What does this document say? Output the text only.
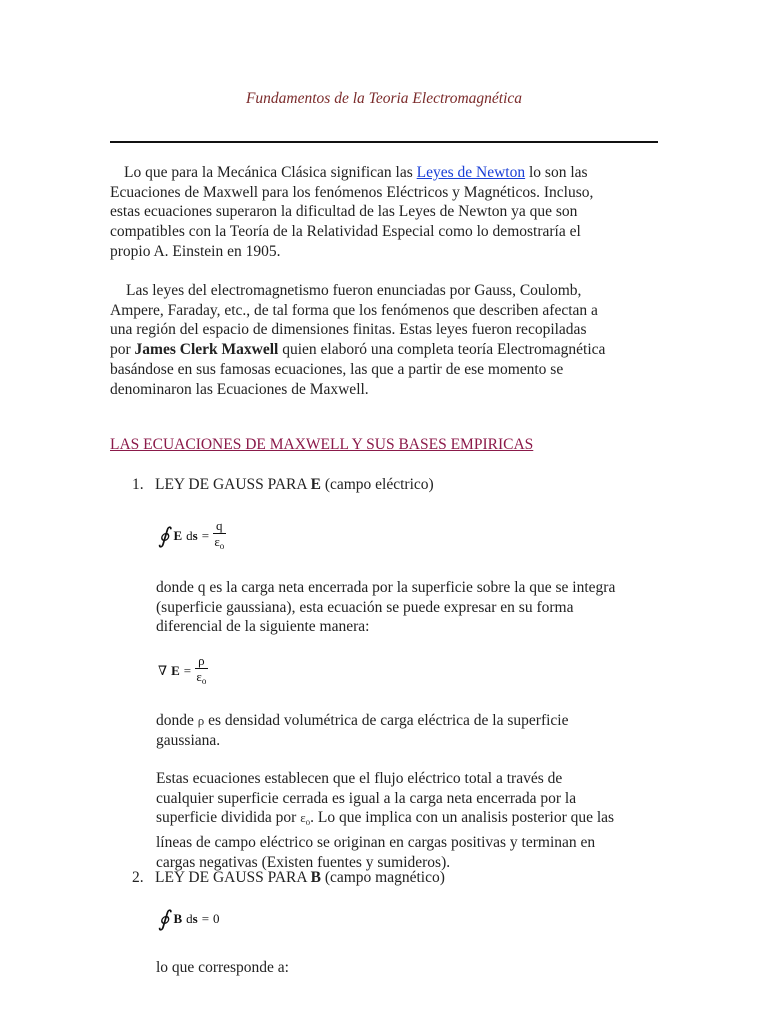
Fundamentos de la Teoria Electromagnética

Lo que para la Mecánica Clásica significan las Leyes de Newton lo son las
Ecuaciones de Maxwell para los fenómenos Eléctricos y Magnéticos. Incluso,
estas ecuaciones superaron la dificultad de las Leyes de Newton ya que son
compatibles con la Teoría de la Relatividad Especial como lo demostraría el
propio A. Einstein en 1905.

Las leyes del electromagnetismo fueron enunciadas por Gauss, Coulomb,
Ampere, Faraday, etc., de tal forma que los fenómenos que describen afectan a
una región del espacio de dimensiones finitas. Estas leyes fueron recopiladas
por James Clerk Maxwell quien elaboró una completa teoría Electromagnética
basándose en sus famosas ecuaciones, las que a partir de ese momento se
denominaron las Ecuaciones de Maxwell.

LAS ECUACIONES DE MAXWELL Y SUS BASES EMPIRICAS
1. LEY DE GAUSS PARA E (campo eléctrico)
∮ E ds = $\frac{q}{\varepsilon_o}$

donde q es la carga neta encerrada por la superficie sobre la que se integra
(superficie gaussiana), esta ecuación se puede expresar en su forma
diferencial de la siguiente manera:

∇ $E = \frac{\rho}{\varepsilon_o}$

donde ρ es densidad volumétrica de carga eléctrica de la superficie
gaussiana.

Estas ecuaciones establecen que el flujo eléctrico total a través de
cualquier superficie cerrada es igual a la carga neta encerrada por la
superficie dividida por $\varepsilon_o$. Lo que implica con un analisis posterior que las
líneas de campo eléctrico se originan en cargas positivas y terminan en
cargas negativas (Existen fuentes y sumideros).

2. LEY DE GAUSS PARA B (campo magnético)
∮ B ds = 0

lo que corresponde a:
